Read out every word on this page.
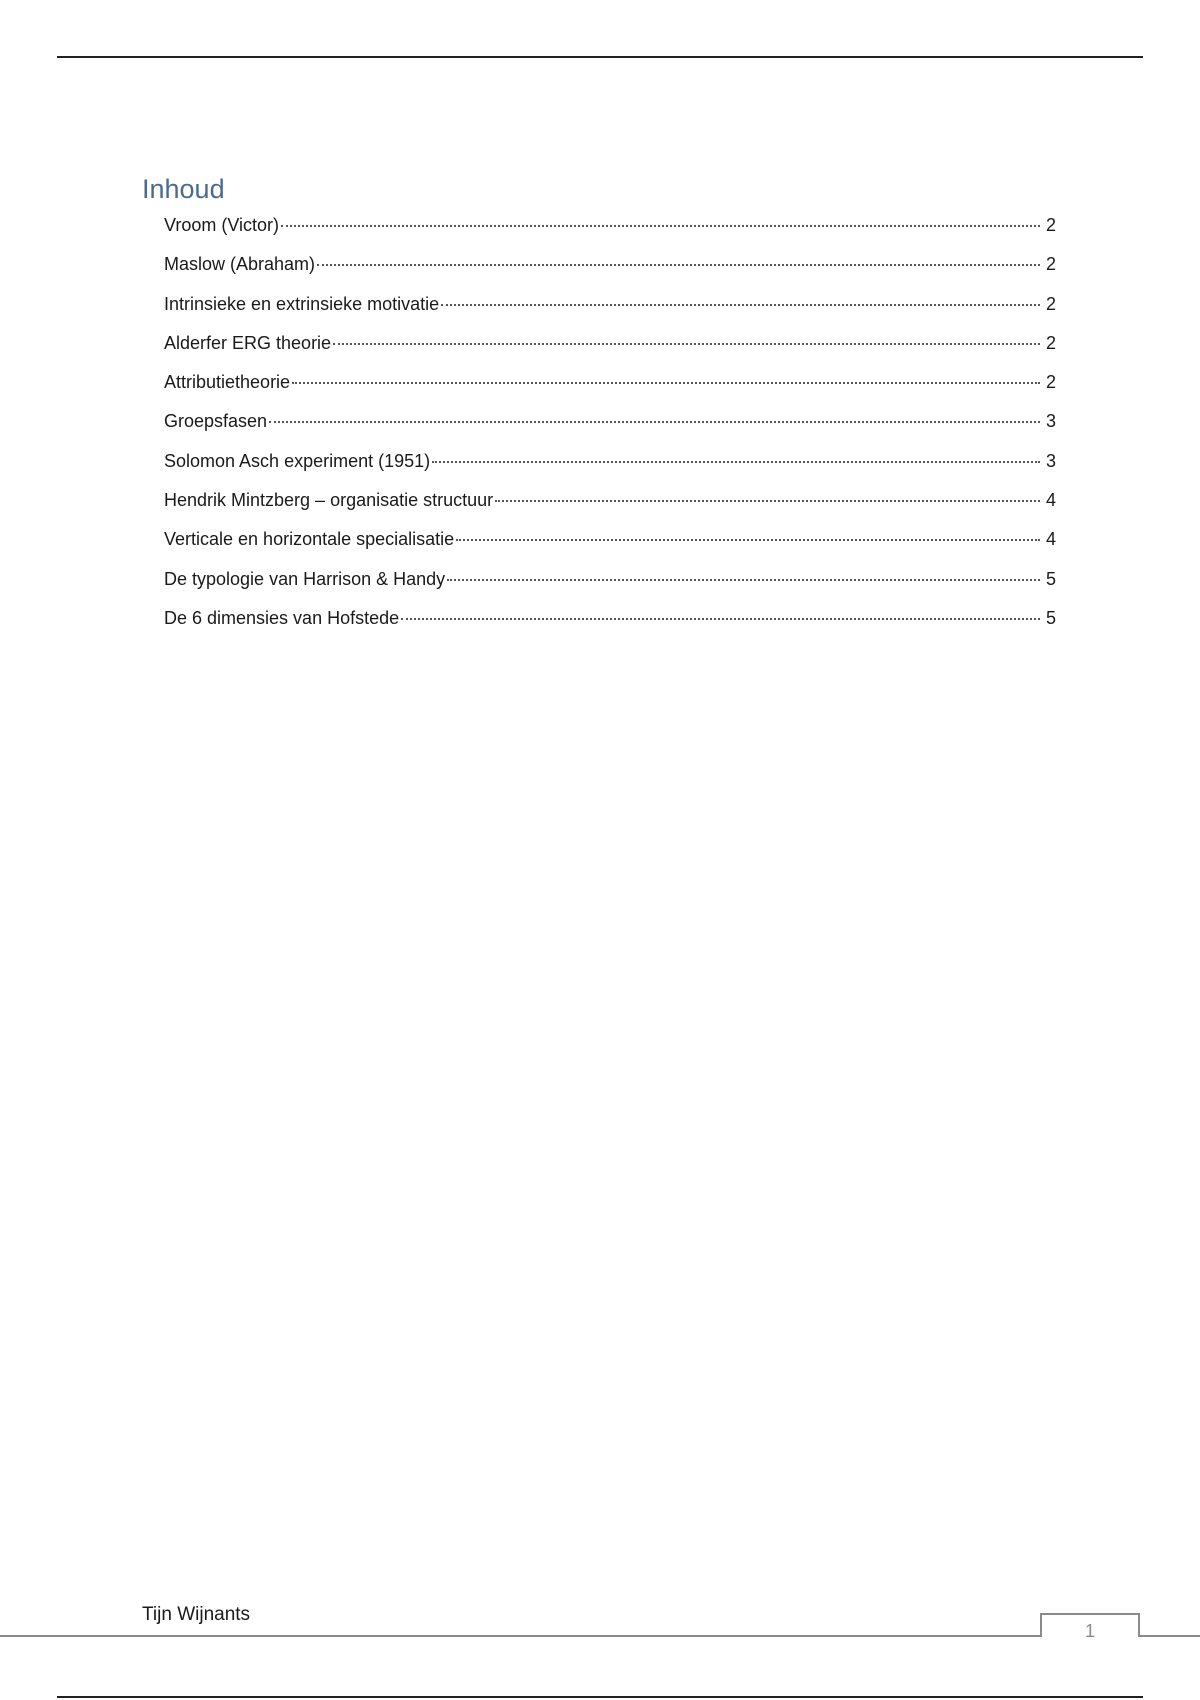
Inhoud
Vroom (Victor)	2
Maslow (Abraham)	2
Intrinsieke en extrinsieke motivatie	2
Alderfer ERG theorie	2
Attributietheorie	2
Groepsfasen	3
Solomon Asch experiment (1951)	3
Hendrik Mintzberg – organisatie structuur	4
Verticale en horizontale specialisatie	4
De typologie van Harrison & Handy	5
De 6 dimensies van Hofstede	5
Tijn Wijnants
1
